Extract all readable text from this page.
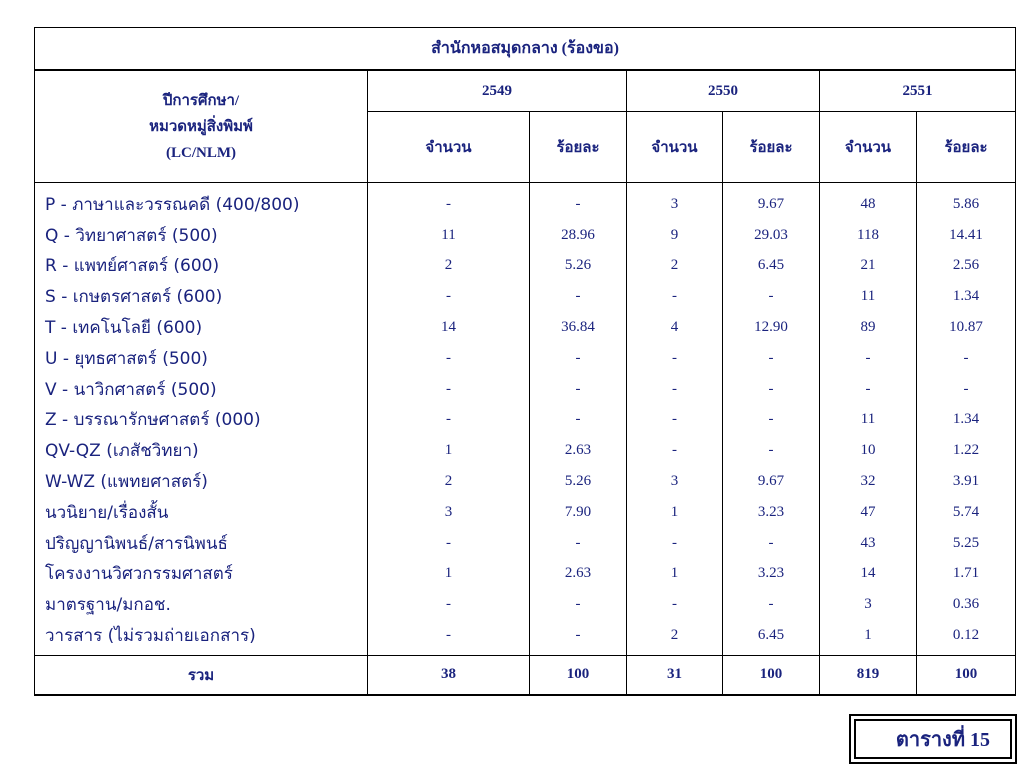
สำนักหอสมุดกลาง (ร้องขอ)						

ปีการศึกษา/
หมวดหมู่สิ่งพิมพ์
(LC/NLM)	2549		2550		2551	
	จำนวน	ร้อยละ	จำนวน	ร้อยละ	จำนวน	ร้อยละ
P - ภาษาและวรรณคดี (400/800)	-	-	3	9.67	48	5.86
Q - วิทยาศาสตร์ (500)	11	28.96	9	29.03	118	14.41
R - แพทย์ศาสตร์ (600)	2	5.26	2	6.45	21	2.56
S - เกษตรศาสตร์ (600)	-	-	-	-	11	1.34
T - เทคโนโลยี (600)	14	36.84	4	12.90	89	10.87
U - ยุทธศาสตร์ (500)	-	-	-	-	-	-
V - นาวิกศาสตร์ (500)	-	-	-	-	-	-
Z - บรรณารักษศาสตร์ (000)	-	-	-	-	11	1.34
QV-QZ (เภสัชวิทยา)	1	2.63	-	-	10	1.22
W-WZ (แพทยศาสตร์)	2	5.26	3	9.67	32	3.91
นวนิยาย/เรื่องสั้น	3	7.90	1	3.23	47	5.74
ปริญญานิพนธ์/สารนิพนธ์	-	-	-	-	43	5.25
โครงงานวิศวกรรมศาสตร์	1	2.63	1	3.23	14	1.71
มาตรฐาน/มกอช.	-	-	-	-	3	0.36
วารสาร (ไม่รวมถ่ายเอกสาร)	-	-	2	6.45	1	0.12
รวม	38	100	31	100	819	100
ตารางที่ 15
